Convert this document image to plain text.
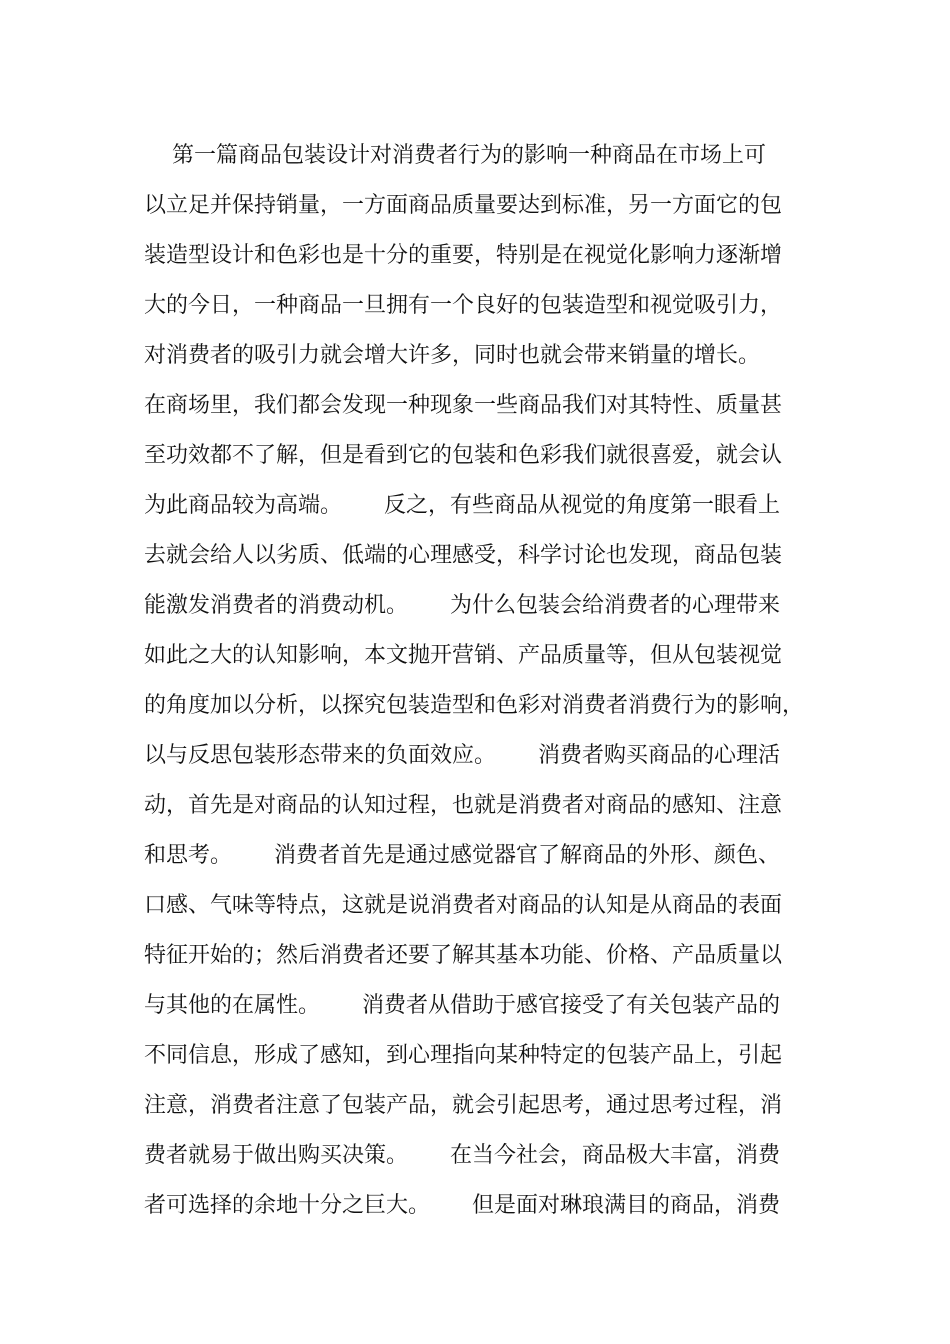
第一篇商品包装设计对消费者行为的影响一种商品在市场上可
以立足并保持销量，一方面商品质量要达到标准，另一方面它的包
装造型设计和色彩也是十分的重要，特别是在视觉化影响力逐渐增
大的今日，一种商品一旦拥有一个良好的包装造型和视觉吸引力，
对消费者的吸引力就会增大许多，同时也就会带来销量的增长。
在商场里，我们都会发现一种现象一些商品我们对其特性、质量甚
至功效都不了解，但是看到它的包装和色彩我们就很喜爱，就会认
为此商品较为高端。      反之，有些商品从视觉的角度第一眼看上
去就会给人以劣质、低端的心理感受，科学讨论也发现，商品包装
能激发消费者的消费动机。      为什么包装会给消费者的心理带来
如此之大的认知影响，本文抛开营销、产品质量等，但从包装视觉
的角度加以分析，以探究包装造型和色彩对消费者消费行为的影响，
以与反思包装形态带来的负面效应。      消费者购买商品的心理活
动，首先是对商品的认知过程，也就是消费者对商品的感知、注意
和思考。      消费者首先是通过感觉器官了解商品的外形、颜色、
口感、气味等特点，这就是说消费者对商品的认知是从商品的表面
特征开始的；然后消费者还要了解其基本功能、价格、产品质量以
与其他的在属性。      消费者从借助于感官接受了有关包装产品的
不同信息，形成了感知，到心理指向某种特定的包装产品上，引起
注意，消费者注意了包装产品，就会引起思考，通过思考过程，消
费者就易于做出购买决策。      在当今社会，商品极大丰富，消费
者可选择的余地十分之巨大。      但是面对琳琅满目的商品，消费
